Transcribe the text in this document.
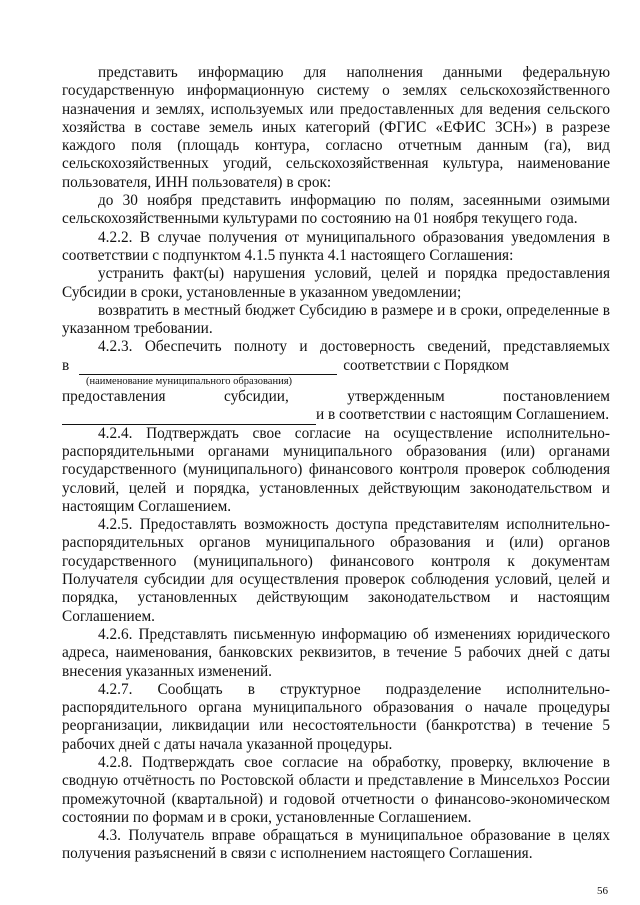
представить информацию для наполнения данными федеральную государственную информационную систему о землях сельскохозяйственного назначения и землях, используемых или предоставленных для ведения сельского хозяйства в составе земель иных категорий (ФГИС «ЕФИС ЗСН») в разрезе каждого поля (площадь контура, согласно отчетным данным (га), вид сельскохозяйственных угодий, сельскохозяйственная культура, наименование пользователя, ИНН пользователя) в срок:

до 30 ноября представить информацию по полям, засеянными озимыми сельскохозяйственными культурами по состоянию на 01 ноября текущего года.

4.2.2. В случае получения от муниципального образования уведомления в соответствии с подпунктом 4.1.5 пункта 4.1 настоящего Соглашения:

устранить факт(ы) нарушения условий, целей и порядка предоставления Субсидии в сроки, установленные в указанном уведомлении;

возвратить в местный бюджет Субсидию в размере и в сроки, определенные в указанном требовании.

4.2.3. Обеспечить полноту и достоверность сведений, представляемых

в	соответствии с Порядком

(наименование муниципального образования)

предоставления	субсидии,	утвержденным	постановлением
и в соответствии с настоящим Соглашением.

4.2.4. Подтверждать свое согласие на осуществление исполнительно-распорядительными органами муниципального образования (или) органами государственного (муниципального) финансового контроля проверок соблюдения условий, целей и порядка, установленных действующим законодательством и настоящим Соглашением.

4.2.5. Предоставлять возможность доступа представителям исполнительно-распорядительных органов муниципального образования и (или) органов государственного (муниципального) финансового контроля к документам Получателя субсидии для осуществления проверок соблюдения условий, целей и порядка, установленных действующим законодательством и настоящим Соглашением.

4.2.6. Представлять письменную информацию об изменениях юридического адреса, наименования, банковских реквизитов, в течение 5 рабочих дней с даты внесения указанных изменений.

4.2.7. Сообщать в структурное подразделение исполнительно-распорядительного органа муниципального образования о начале процедуры реорганизации, ликвидации или несостоятельности (банкротства) в течение 5 рабочих дней с даты начала указанной процедуры.

4.2.8. Подтверждать свое согласие на обработку, проверку, включение в сводную отчётность по Ростовской области и представление в Минсельхоз России промежуточной (квартальной) и годовой отчетности о финансово-экономическом состоянии по формам и в сроки, установленные Соглашением.

4.3. Получатель вправе обращаться в муниципальное образование в целях получения разъяснений в связи с исполнением настоящего Соглашения.

56
